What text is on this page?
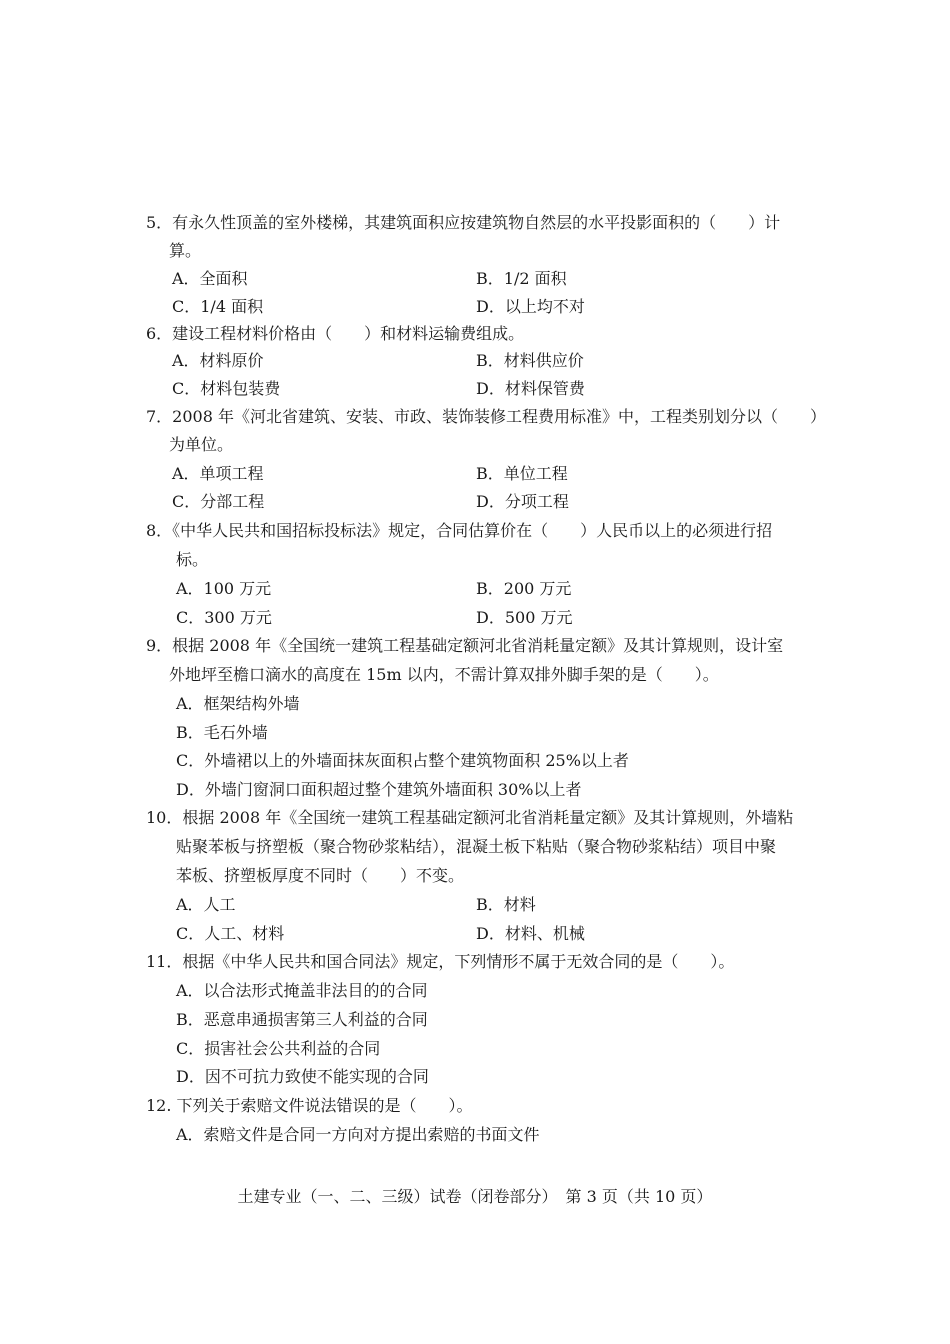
5．有永久性顶盖的室外楼梯，其建筑面积应按建筑物自然层的水平投影面积的（　　）计
算。
A．全面积	B．1/2 面积
C．1/4 面积	D．以上均不对
6．建设工程材料价格由（　　）和材料运输费组成。
A．材料原价	B．材料供应价
C．材料包装费	D．材料保管费
7．2008 年《河北省建筑、安装、市政、装饰装修工程费用标准》中，工程类别划分以（　　）
为单位。
A．单项工程	B．单位工程
C．分部工程	D．分项工程
8．《中华人民共和国招标投标法》规定，合同估算价在（　　）人民币以上的必须进行招
标。
A．100 万元	B．200 万元
C．300 万元	D．500 万元
9．根据 2008 年《全国统一建筑工程基础定额河北省消耗量定额》及其计算规则，设计室
外地坪至檐口滴水的高度在 15m 以内，不需计算双排外脚手架的是（　　）。
A．框架结构外墙
B．毛石外墙
C．外墙裙以上的外墙面抹灰面积占整个建筑物面积 25%以上者
D．外墙门窗洞口面积超过整个建筑外墙面积 30%以上者
10．根据 2008 年《全国统一建筑工程基础定额河北省消耗量定额》及其计算规则，外墙粘
贴聚苯板与挤塑板（聚合物砂浆粘结），混凝土板下粘贴（聚合物砂浆粘结）项目中聚
苯板、挤塑板厚度不同时（　　）不变。
A．人工	B．材料
C．人工、材料	D．材料、机械
11．根据《中华人民共和国合同法》规定，下列情形不属于无效合同的是（　　）。
A．以合法形式掩盖非法目的的合同
B．恶意串通损害第三人利益的合同
C．损害社会公共利益的合同
D．因不可抗力致使不能实现的合同
12. 下列关于索赔文件说法错误的是（　　）。
A．索赔文件是合同一方向对方提出索赔的书面文件
土建专业（一、二、三级）试卷（闭卷部分）　第 3 页（共 10 页）
